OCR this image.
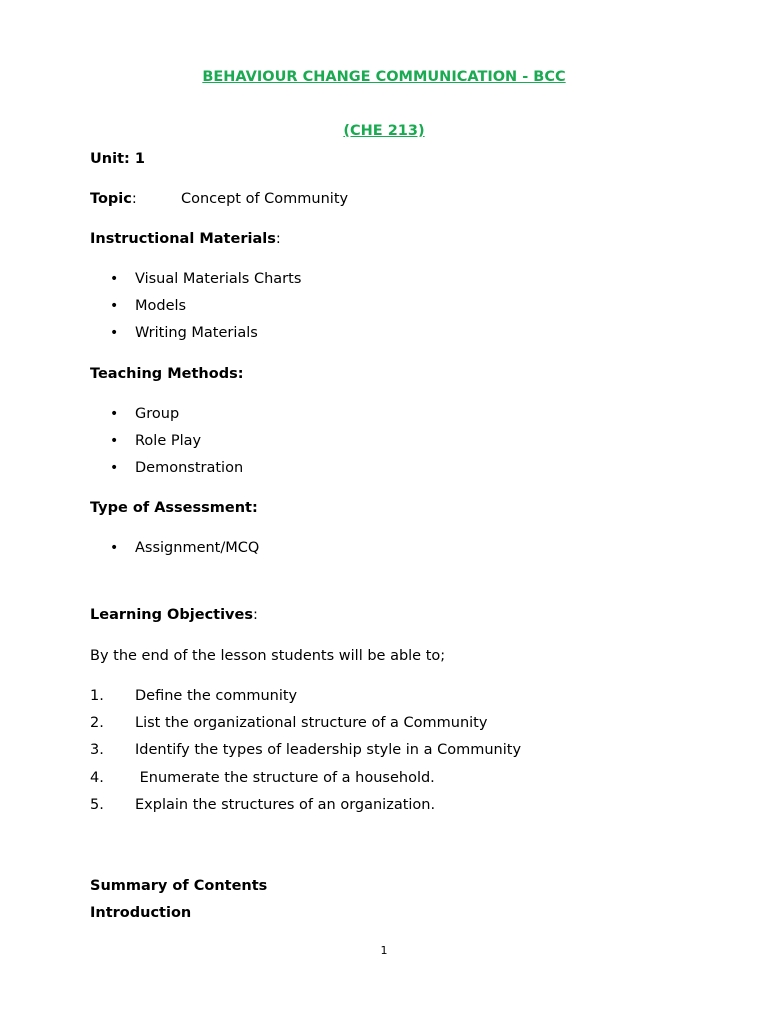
BEHAVIOUR CHANGE COMMUNICATION - BCC
(CHE 213)
Unit: 1
Topic:	Concept of Community
Instructional Materials:
• Visual Materials Charts
• Models
• Writing Materials
Teaching Methods:
• Group
• Role Play
• Demonstration
Type of Assessment:
• Assignment/MCQ
Learning Objectives:
By the end of the lesson students will be able to;
1. Define the community
2. List the organizational structure of a Community
3. Identify the types of leadership style in a Community
4. Enumerate the structure of a household.
5. Explain the structures of an organization.
Summary of Contents
Introduction
1
